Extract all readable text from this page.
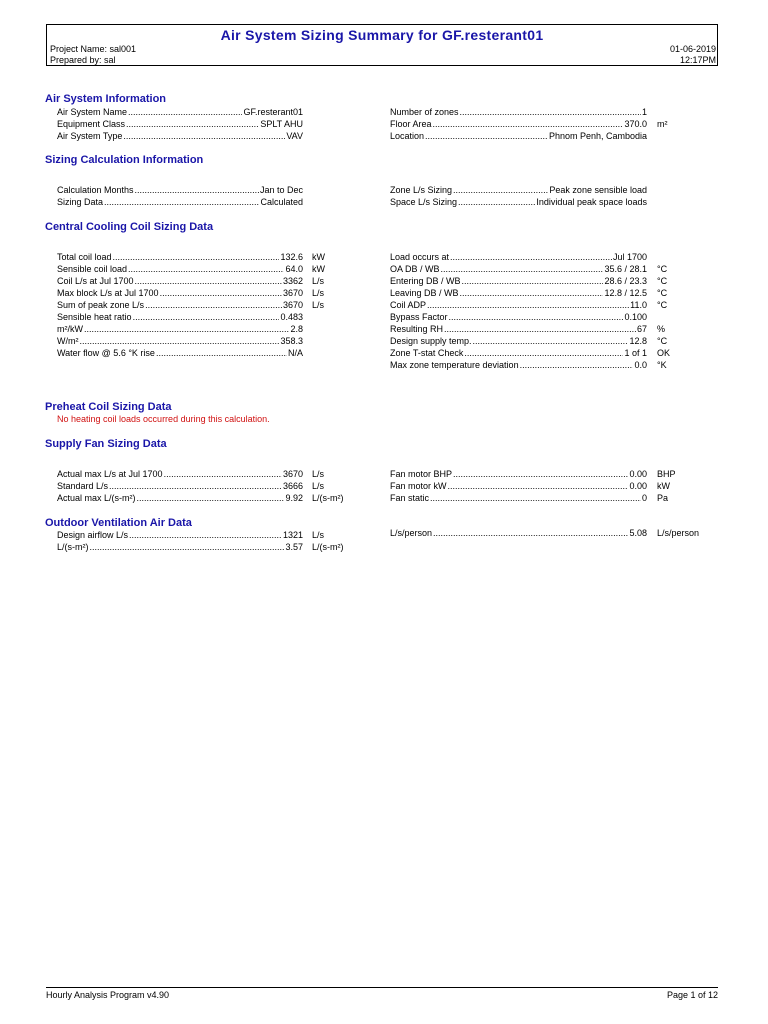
Air System Sizing Summary for GF.resterant01
Project Name: sal001
Prepared by: sal
01-06-2019
12:17PM
Air System Information
Sizing Calculation Information
Central Cooling Coil Sizing Data
Preheat Coil Sizing Data
No heating coil loads occurred during this calculation.
Supply Fan Sizing Data
Outdoor Ventilation Air Data
Air System Name .....	GF.resterant01
Equipment Class .....	SPLT AHU
Air System Type .....	VAV
Number of zones .....	1
Floor Area .....	370.0 m²
Location .....	Phnom Penh, Cambodia
Calculation Months .....	Jan to Dec
Sizing Data .....	Calculated
Zone L/s Sizing .....	Peak zone sensible load
Space L/s Sizing .....	Individual peak space loads
Total coil load .....	132.6 kW
Sensible coil load .....	64.0 kW
Coil L/s at Jul 1700 .....	3362 L/s
Max block L/s at Jul 1700 .....	3670 L/s
Sum of peak zone L/s .....	3670 L/s
Sensible heat ratio .....	0.483
m²/kW .....	2.8
W/m² .....	358.3
Water flow @ 5.6 °K rise .....	N/A
Load occurs at .....	Jul 1700
OA DB / WB .....	35.6 / 28.1 °C
Entering DB / WB .....	28.6 / 23.3 °C
Leaving DB / WB .....	12.8 / 12.5 °C
Coil ADP .....	11.0 °C
Bypass Factor .....	0.100
Resulting RH .....	67 %
Design supply temp. .....	12.8 °C
Zone T-stat Check .....	1 of 1 OK
Max zone temperature deviation .....	0.0 °K
Actual max L/s at Jul 1700 .....	3670 L/s
Standard L/s .....	3666 L/s
Actual max L/(s-m²) .....	9.92 L/(s-m²)
Fan motor BHP .....	0.00 BHP
Fan motor kW .....	0.00 kW
Fan static .....	0 Pa
Design airflow L/s .....	1321 L/s
L/(s-m²) .....	3.57 L/(s-m²)
L/s/person .....	5.08 L/s/person
Hourly Analysis Program v4.90	Page 1 of 12
